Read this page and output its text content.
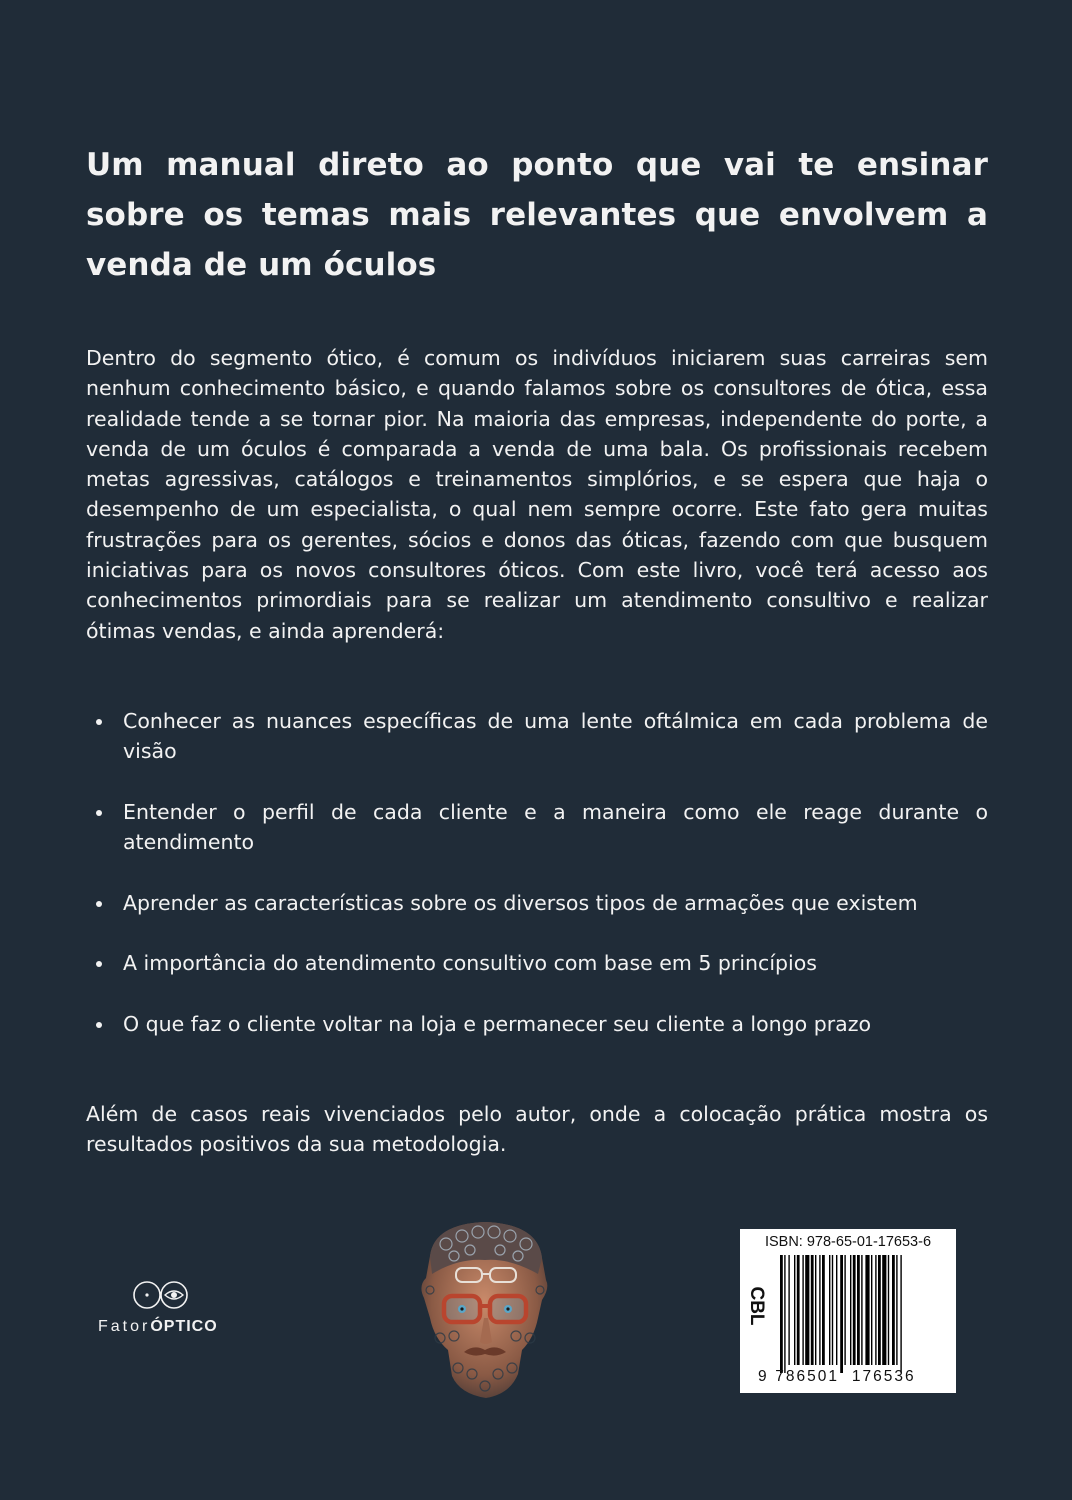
Um manual direto ao ponto que vai te ensinar sobre os temas mais relevantes que envolvem a venda de um óculos

Dentro do segmento ótico, é comum os indivíduos iniciarem suas carreiras sem nenhum conhecimento básico, e quando falamos sobre os consultores de ótica, essa realidade tende a se tornar pior. Na maioria das empresas, independente do porte, a venda de um óculos é comparada a venda de uma bala. Os profissionais recebem metas agressivas, catálogos e treinamentos simplórios, e se espera que haja o desempenho de um especialista, o qual nem sempre ocorre. Este fato gera muitas frustrações para os gerentes, sócios e donos das óticas, fazendo com que busquem iniciativas para os novos consultores óticos. Com este livro, você terá acesso aos conhecimentos primordiais para se realizar um atendimento consultivo e realizar ótimas vendas, e ainda aprenderá:

Conhecer as nuances específicas de uma lente oftálmica em cada problema de visão
Entender o perfil de cada cliente e a maneira como ele reage durante o atendimento
Aprender as características sobre os diversos tipos de armações que existem
A importância do atendimento consultivo com base em 5 princípios
O que faz o cliente voltar na loja e permanecer seu cliente a longo prazo

Além de casos reais vivenciados pelo autor, onde a colocação prática mostra os resultados positivos da sua metodologia.

FatorÓPTICO
ISBN: 978-65-01-17653-6
CBL
9 786501 176536
